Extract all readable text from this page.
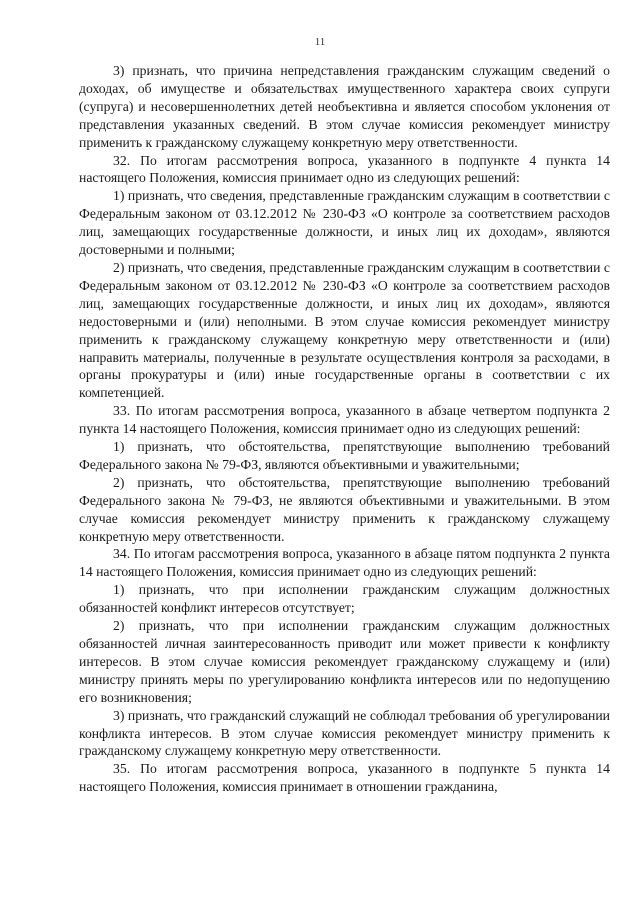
11

3) признать, что причина непредставления гражданским служащим сведений о доходах, об имуществе и обязательствах имущественного характера своих супруги (супруга) и несовершеннолетних детей необъективна и является способом уклонения от представления указанных сведений. В этом случае комиссия рекомендует министру применить к гражданскому служащему конкретную меру ответственности.

32. По итогам рассмотрения вопроса, указанного в подпункте 4 пункта 14 настоящего Положения, комиссия принимает одно из следующих решений:

1) признать, что сведения, представленные гражданским служащим в соответствии с Федеральным законом от 03.12.2012 № 230-ФЗ «О контроле за соответствием расходов лиц, замещающих государственные должности, и иных лиц их доходам», являются достоверными и полными;

2) признать, что сведения, представленные гражданским служащим в соответствии с Федеральным законом от 03.12.2012 № 230-ФЗ «О контроле за соответствием расходов лиц, замещающих государственные должности, и иных лиц их доходам», являются недостоверными и (или) неполными. В этом случае комиссия рекомендует министру применить к гражданскому служащему конкретную меру ответственности и (или) направить материалы, полученные в результате осуществления контроля за расходами, в органы прокуратуры и (или) иные государственные органы в соответствии с их компетенцией.

33. По итогам рассмотрения вопроса, указанного в абзаце четвертом подпункта 2 пункта 14 настоящего Положения, комиссия принимает одно из следующих решений:

1) признать, что обстоятельства, препятствующие выполнению требований Федерального закона № 79-ФЗ, являются объективными и уважительными;

2) признать, что обстоятельства, препятствующие выполнению требований Федерального закона № 79-ФЗ, не являются объективными и уважительными. В этом случае комиссия рекомендует министру применить к гражданскому служащему конкретную меру ответственности.

34. По итогам рассмотрения вопроса, указанного в абзаце пятом подпункта 2 пункта 14 настоящего Положения, комиссия принимает одно из следующих решений:

1) признать, что при исполнении гражданским служащим должностных обязанностей конфликт интересов отсутствует;

2) признать, что при исполнении гражданским служащим должностных обязанностей личная заинтересованность приводит или может привести к конфликту интересов. В этом случае комиссия рекомендует гражданскому служащему и (или) министру принять меры по урегулированию конфликта интересов или по недопущению его возникновения;

3) признать, что гражданский служащий не соблюдал требования об урегулировании конфликта интересов. В этом случае комиссия рекомендует министру применить к гражданскому служащему конкретную меру ответственности.

35. По итогам рассмотрения вопроса, указанного в подпункте 5 пункта 14 настоящего Положения, комиссия принимает в отношении гражданина,
